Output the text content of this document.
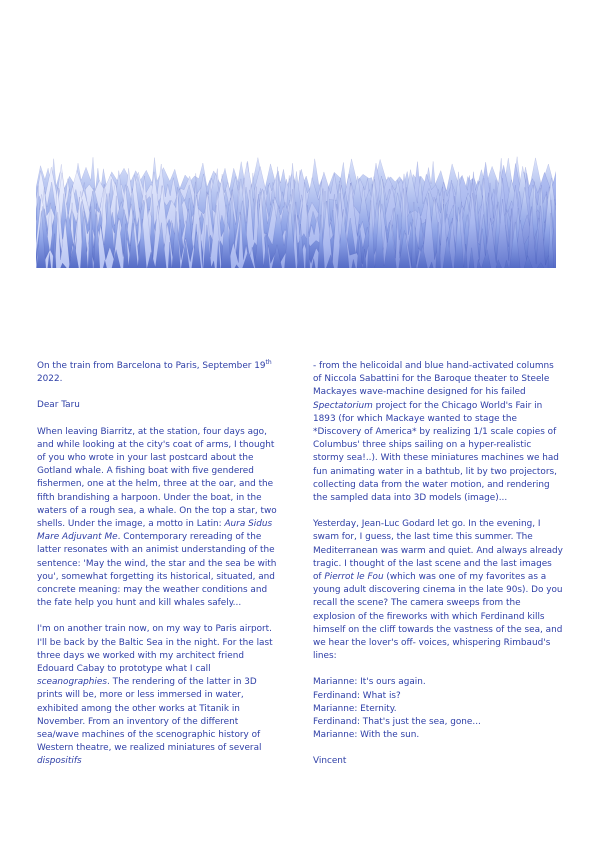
On the train from Barcelona to Paris, September 19th 2022.

Dear Taru

When leaving Biarritz, at the station, four days ago, and while looking at the city's coat of arms, I thought of you who wrote in your last postcard about the Gotland whale. A fishing boat with five gendered fishermen, one at the helm, three at the oar, and the fifth brandishing a harpoon. Under the boat, in the waters of a rough sea, a whale. On the top a star, two shells. Under the image, a motto in Latin: Aura Sidus Mare Adjuvant Me. Contemporary rereading of the latter resonates with an animist understanding of the sentence: 'May the wind, the star and the sea be with you', somewhat forgetting its historical, situated, and concrete meaning: may the weather conditions and the fate help you hunt and kill whales safely...

I'm on another train now, on my way to Paris airport. I'll be back by the Baltic Sea in the night. For the last three days we worked with my architect friend Edouard Cabay to prototype what I call sceanographies. The rendering of the latter in 3D prints will be, more or less immersed in water, exhibited among the other works at Titanik in November. From an inventory of the different sea/wave machines of the scenographic history of Western theatre, we realized miniatures of several dispositifs

- from the helicoidal and blue hand-activated columns of Niccola Sabattini for the Baroque theater to Steele Mackayes wave-machine designed for his failed Spectatorium project for the Chicago World's Fair in 1893 (for which Mackaye wanted to stage the *Discovery of America* by realizing 1/1 scale copies of Columbus' three ships sailing on a hyper-realistic stormy sea!..). With these miniatures machines we had fun animating water in a bathtub, lit by two projectors, collecting data from the water motion, and rendering the sampled data into 3D models (image)...

Yesterday, Jean-Luc Godard let go. In the evening, I swam for, I guess, the last time this summer. The Mediterranean was warm and quiet. And always already tragic. I thought of the last scene and the last images of Pierrot le Fou (which was one of my favorites as a young adult discovering cinema in the late 90s). Do you recall the scene? The camera sweeps from the explosion of the fireworks with which Ferdinand kills himself on the cliff towards the vastness of the sea, and we hear the lover's off- voices, whispering Rimbaud's lines:

Marianne: It's ours again.
Ferdinand: What is?
Marianne: Eternity.
Ferdinand: That's just the sea, gone...
Marianne: With the sun.

Vincent
